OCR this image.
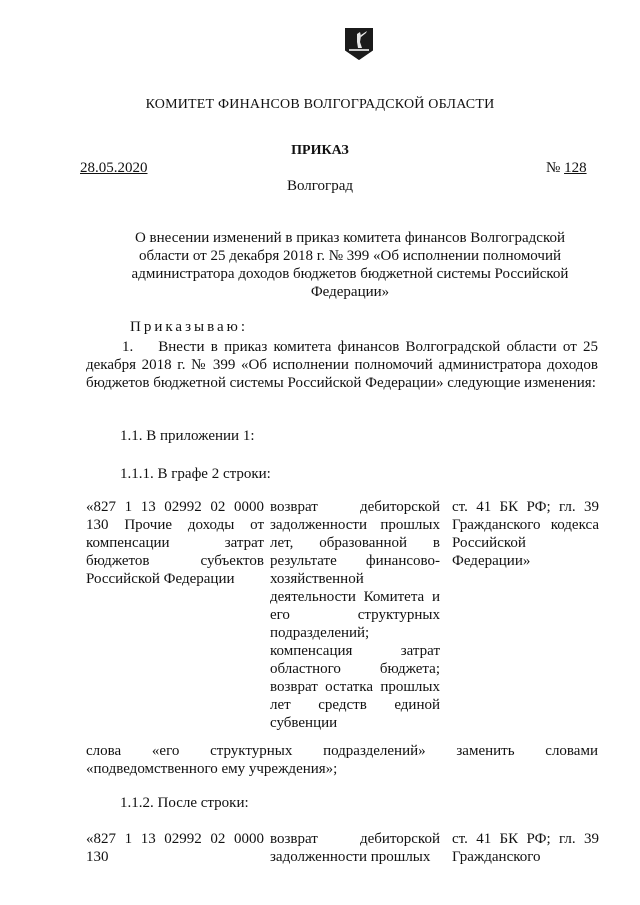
КОМИТЕТ ФИНАНСОВ ВОЛГОГРАДСКОЙ ОБЛАСТИ
ПРИКАЗ
28.05.2020	№ 128
Волгоград
О внесении изменений в приказ комитета финансов Волгоградской области от 25 декабря 2018 г. № 399 «Об исполнении полномочий администратора доходов бюджетов бюджетной системы Российской Федерации»
Приказываю:
1.    Внести в приказ комитета финансов Волгоградской области от 25 декабря 2018 г. № 399 «Об исполнении полномочий администратора доходов бюджетов бюджетной системы Российской Федерации» следующие изменения:
1.1. В приложении 1:
1.1.1. В графе 2 строки:
«827 1 13 02992 02 0000 130 Прочие доходы от компенсации затрат бюджетов субъектов Российской Федерации
возврат дебиторской задолженности прошлых лет, образованной в результате финансово-хозяйственной деятельности Комитета и его структурных подразделений; компенсация затрат областного бюджета; возврат остатка прошлых лет средств единой субвенции
ст. 41 БК РФ; гл. 39 Гражданского кодекса Российской Федерации»
слова «его структурных подразделений» заменить словами «подведомственного ему учреждения»;
1.1.2. После строки:
«827 1 13 02992 02 0000 130
возврат дебиторской задолженности прошлых
ст. 41 БК РФ; гл. 39 Гражданского
